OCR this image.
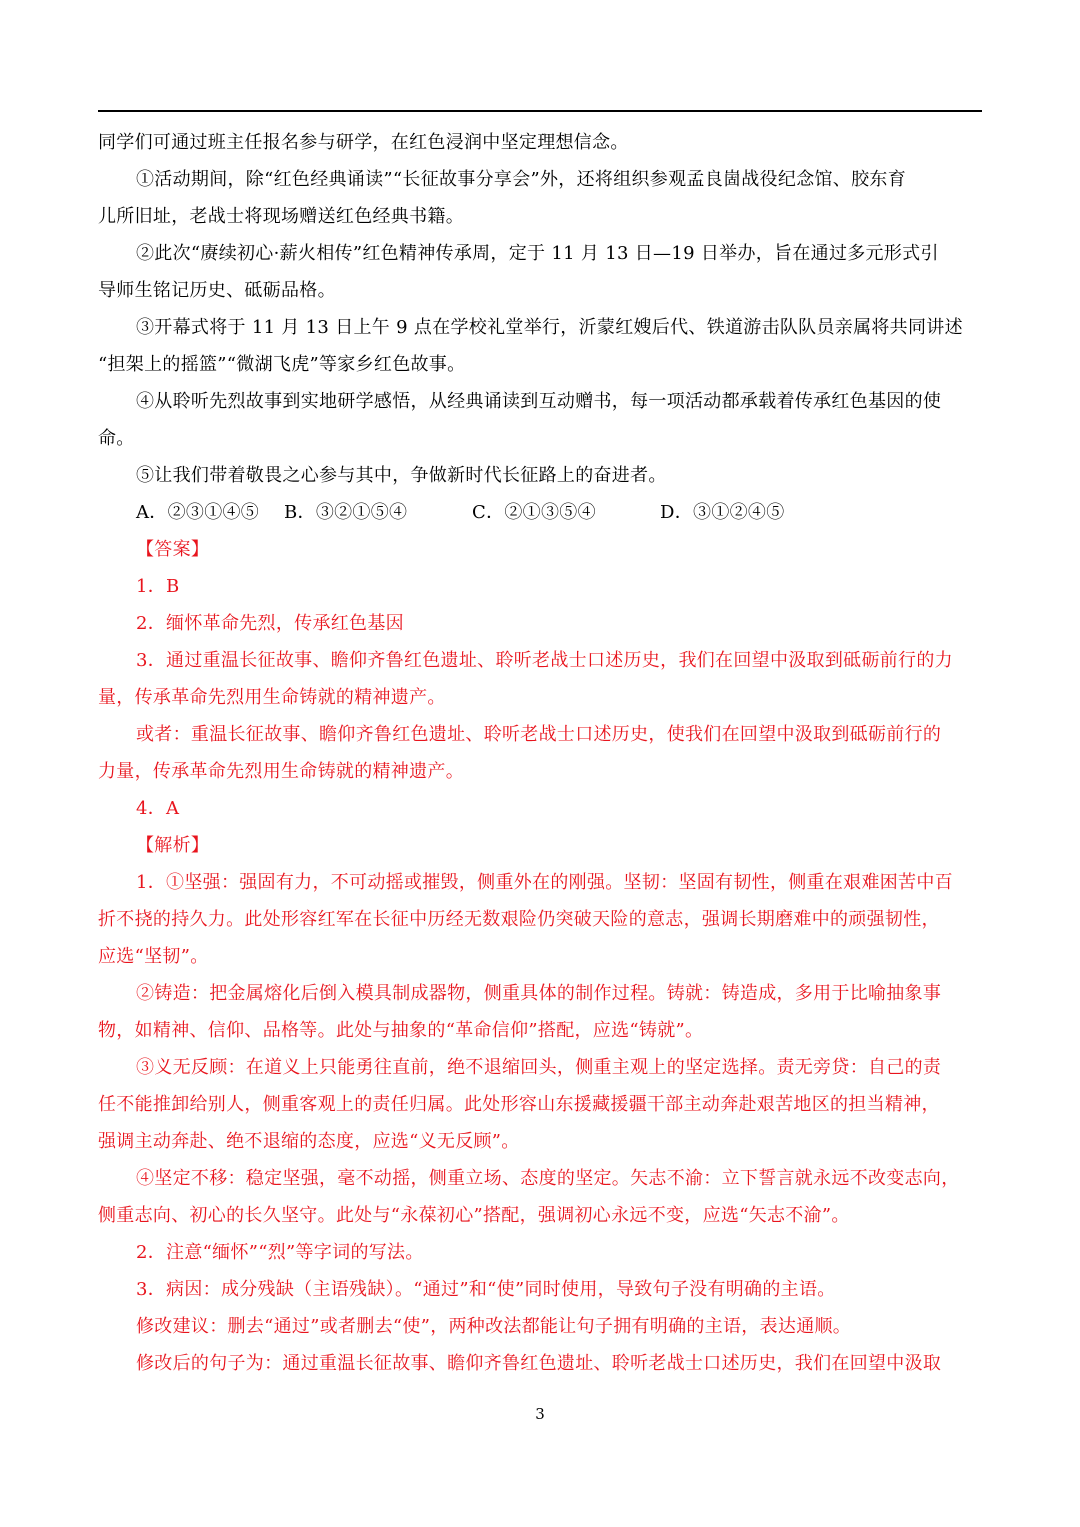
同学们可通过班主任报名参与研学，在红色浸润中坚定理想信念。
①活动期间，除“红色经典诵读”“长征故事分享会”外，还将组织参观孟良崮战役纪念馆、胶东育
儿所旧址，老战士将现场赠送红色经典书籍。
②此次“赓续初心·薪火相传”红色精神传承周，定于 11 月 13 日—19 日举办，旨在通过多元形式引
导师生铭记历史、砥砺品格。
③开幕式将于 11 月 13 日上午 9 点在学校礼堂举行，沂蒙红嫂后代、铁道游击队队员亲属将共同讲述
“担架上的摇篮”“微湖飞虎”等家乡红色故事。
④从聆听先烈故事到实地研学感悟，从经典诵读到互动赠书，每一项活动都承载着传承红色基因的使
命。
⑤让我们带着敬畏之心参与其中，争做新时代长征路上的奋进者。
A．②③①④⑤ B．③②①⑤④	C．②①③⑤④	D．③①②④⑤
【答案】
1．B
2．缅怀革命先烈，传承红色基因
3．通过重温长征故事、瞻仰齐鲁红色遗址、聆听老战士口述历史，我们在回望中汲取到砥砺前行的力
量，传承革命先烈用生命铸就的精神遗产。
或者：重温长征故事、瞻仰齐鲁红色遗址、聆听老战士口述历史，使我们在回望中汲取到砥砺前行的
力量，传承革命先烈用生命铸就的精神遗产。
4．A
【解析】
1．①坚强：强固有力，不可动摇或摧毁，侧重外在的刚强。坚韧：坚固有韧性，侧重在艰难困苦中百
折不挠的持久力。此处形容红军在长征中历经无数艰险仍突破天险的意志，强调长期磨难中的顽强韧性，
应选“坚韧”。
②铸造：把金属熔化后倒入模具制成器物，侧重具体的制作过程。铸就：铸造成，多用于比喻抽象事
物，如精神、信仰、品格等。此处与抽象的“革命信仰”搭配，应选“铸就”。
③义无反顾：在道义上只能勇往直前，绝不退缩回头，侧重主观上的坚定选择。责无旁贷：自己的责
任不能推卸给别人，侧重客观上的责任归属。此处形容山东援藏援疆干部主动奔赴艰苦地区的担当精神，
强调主动奔赴、绝不退缩的态度，应选“义无反顾”。
④坚定不移：稳定坚强，毫不动摇，侧重立场、态度的坚定。矢志不渝：立下誓言就永远不改变志向，
侧重志向、初心的长久坚守。此处与“永葆初心”搭配，强调初心永远不变，应选“矢志不渝”。
2．注意“缅怀”“烈”等字词的写法。
3．病因：成分残缺（主语残缺）。“通过”和“使”同时使用，导致句子没有明确的主语。
修改建议：删去“通过”或者删去“使”，两种改法都能让句子拥有明确的主语，表达通顺。
修改后的句子为：通过重温长征故事、瞻仰齐鲁红色遗址、聆听老战士口述历史，我们在回望中汲取
3
